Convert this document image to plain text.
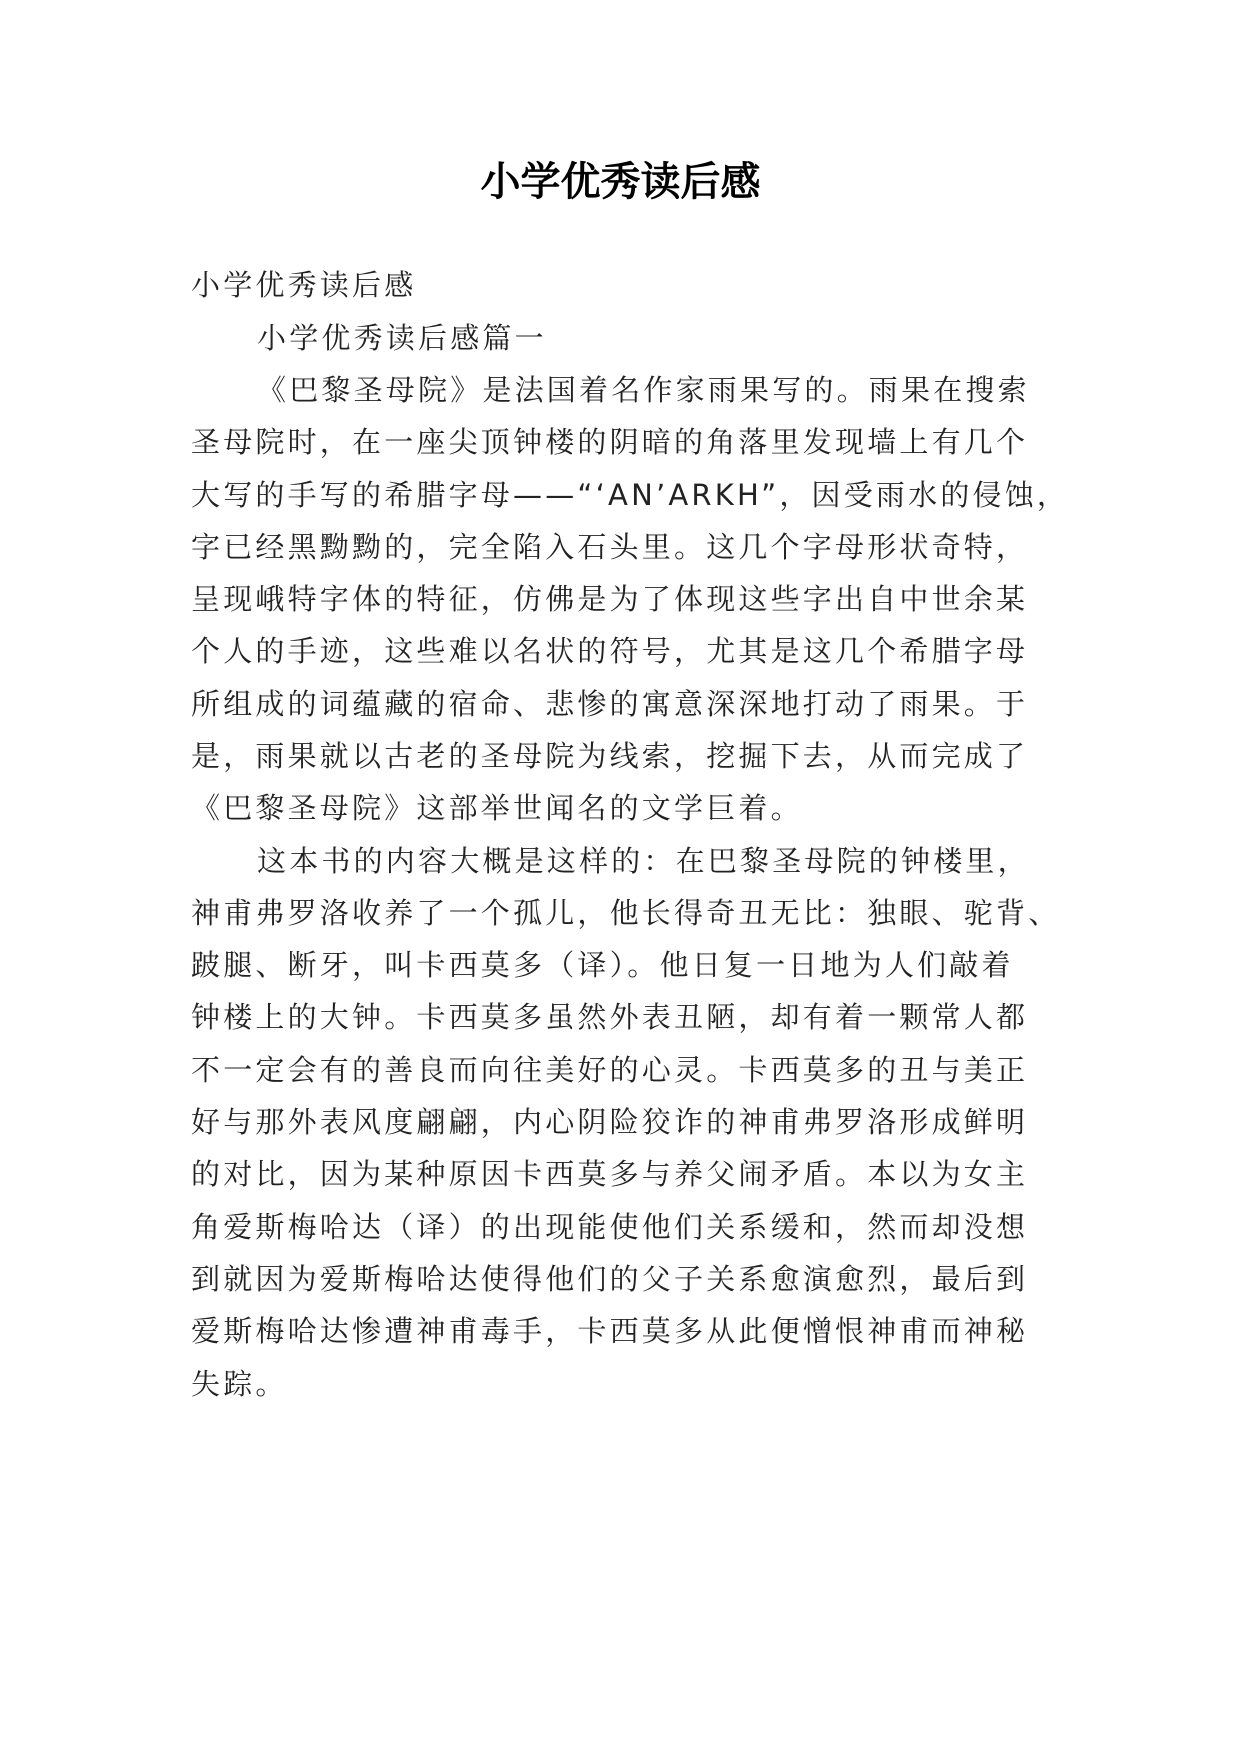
小学优秀读后感
小学优秀读后感
小学优秀读后感篇一
《巴黎圣母院》是法国着名作家雨果写的。雨果在搜索
圣母院时，在一座尖顶钟楼的阴暗的角落里发现墙上有几个
大写的手写的希腊字母——“‘AN’ARKH”，因受雨水的侵蚀，
字已经黑黝黝的，完全陷入石头里。这几个字母形状奇特，
呈现峨特字体的特征，仿佛是为了体现这些字出自中世余某
个人的手迹，这些难以名状的符号，尤其是这几个希腊字母
所组成的词蕴藏的宿命、悲惨的寓意深深地打动了雨果。于
是，雨果就以古老的圣母院为线索，挖掘下去，从而完成了
《巴黎圣母院》这部举世闻名的文学巨着。
这本书的内容大概是这样的：在巴黎圣母院的钟楼里，
神甫弗罗洛收养了一个孤儿，他长得奇丑无比：独眼、驼背、
跛腿、断牙，叫卡西莫多（译）。他日复一日地为人们敲着
钟楼上的大钟。卡西莫多虽然外表丑陋，却有着一颗常人都
不一定会有的善良而向往美好的心灵。卡西莫多的丑与美正
好与那外表风度翩翩，内心阴险狡诈的神甫弗罗洛形成鲜明
的对比，因为某种原因卡西莫多与养父闹矛盾。本以为女主
角爱斯梅哈达（译）的出现能使他们关系缓和，然而却没想
到就因为爱斯梅哈达使得他们的父子关系愈演愈烈，最后到
爱斯梅哈达惨遭神甫毒手，卡西莫多从此便憎恨神甫而神秘
失踪。
